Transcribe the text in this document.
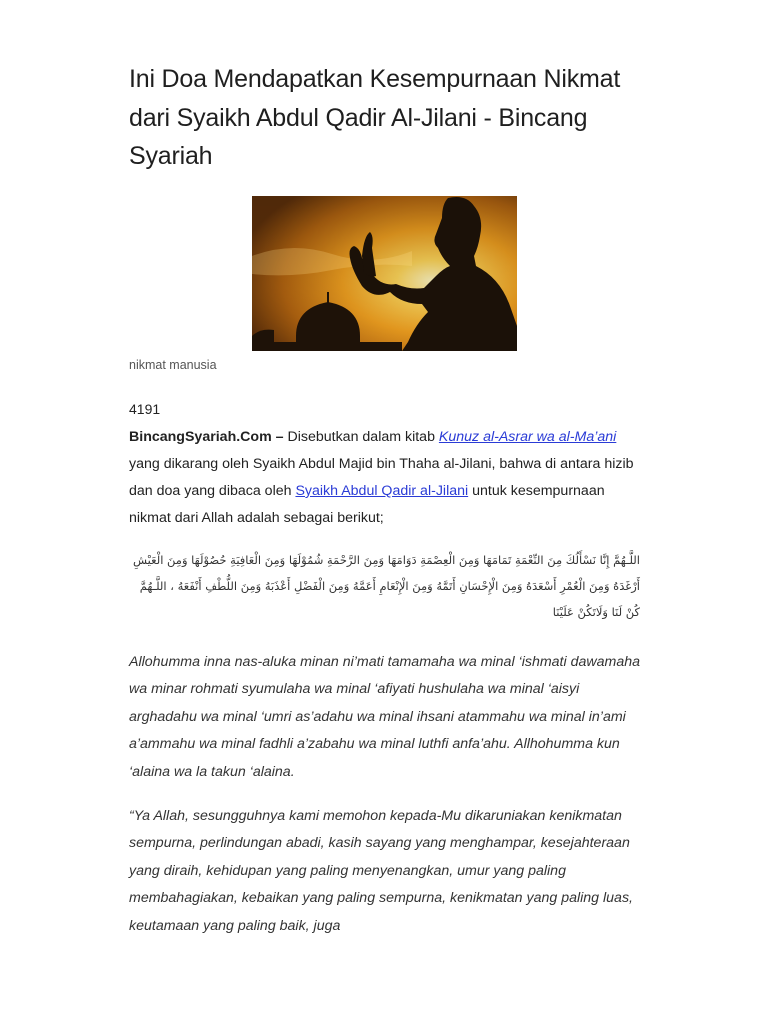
Ini Doa Mendapatkan Kesempurnaan Nikmat dari Syaikh Abdul Qadir Al-Jilani - Bincang Syariah

nikmat manusia

4191

BincangSyariah.Com – Disebutkan dalam kitab Kunuz al-Asrar wa al-Ma’ani yang dikarang oleh Syaikh Abdul Majid bin Thaha al-Jilani, bahwa di antara hizib dan doa yang dibaca oleh Syaikh Abdul Qadir al-Jilani untuk kesempurnaan nikmat dari Allah adalah sebagai berikut;

اللَّـهُمَّ إِنَّا نَسْأَلُكَ مِنَ النِّعْمَةِ تَمَامَهَا وَمِنَ الْعِصْمَةِ دَوَامَهَا وَمِنَ الرَّحْمَةِ شُمُوْلَهَا وَمِنَ الْعَافِيَةِ حُصُوْلَهَا وَمِنَ الْعَيْشِ أَرْغَدَهُ وَمِنَ الْعُمْرِ أَسْعَدَهُ وَمِنَ الْإِحْسَانِ أَتَمَّهُ وَمِنَ الْإِنْعَامِ أَعَمَّهُ وَمِنَ الْفَضْلِ أَعْذَبَهُ وَمِنَ اللُّطْفِ أَنْفَعَهُ ، اللَّـهُمَّ كُنْ لَنَا وَلَاتَكُنْ عَلَيْنَا

Allohumma inna nas-aluka minan ni’mati tamamaha wa minal ‘ishmati dawamaha wa minar rohmati syumulaha wa minal ‘afiyati hushulaha wa minal ‘aisyi arghadahu wa minal ‘umri as’adahu wa minal ihsani atammahu wa minal in’ami a’ammahu wa minal fadhli a’zabahu wa minal luthfi anfa’ahu. Allhohumma kun ‘alaina wa la takun ‘alaina.

“Ya Allah, sesungguhnya kami memohon kepada-Mu dikaruniakan kenikmatan sempurna, perlindungan abadi, kasih sayang yang menghampar, kesejahteraan yang diraih, kehidupan yang paling menyenangkan, umur yang paling membahagiakan, kebaikan yang paling sempurna, kenikmatan yang paling luas, keutamaan yang paling baik, juga
